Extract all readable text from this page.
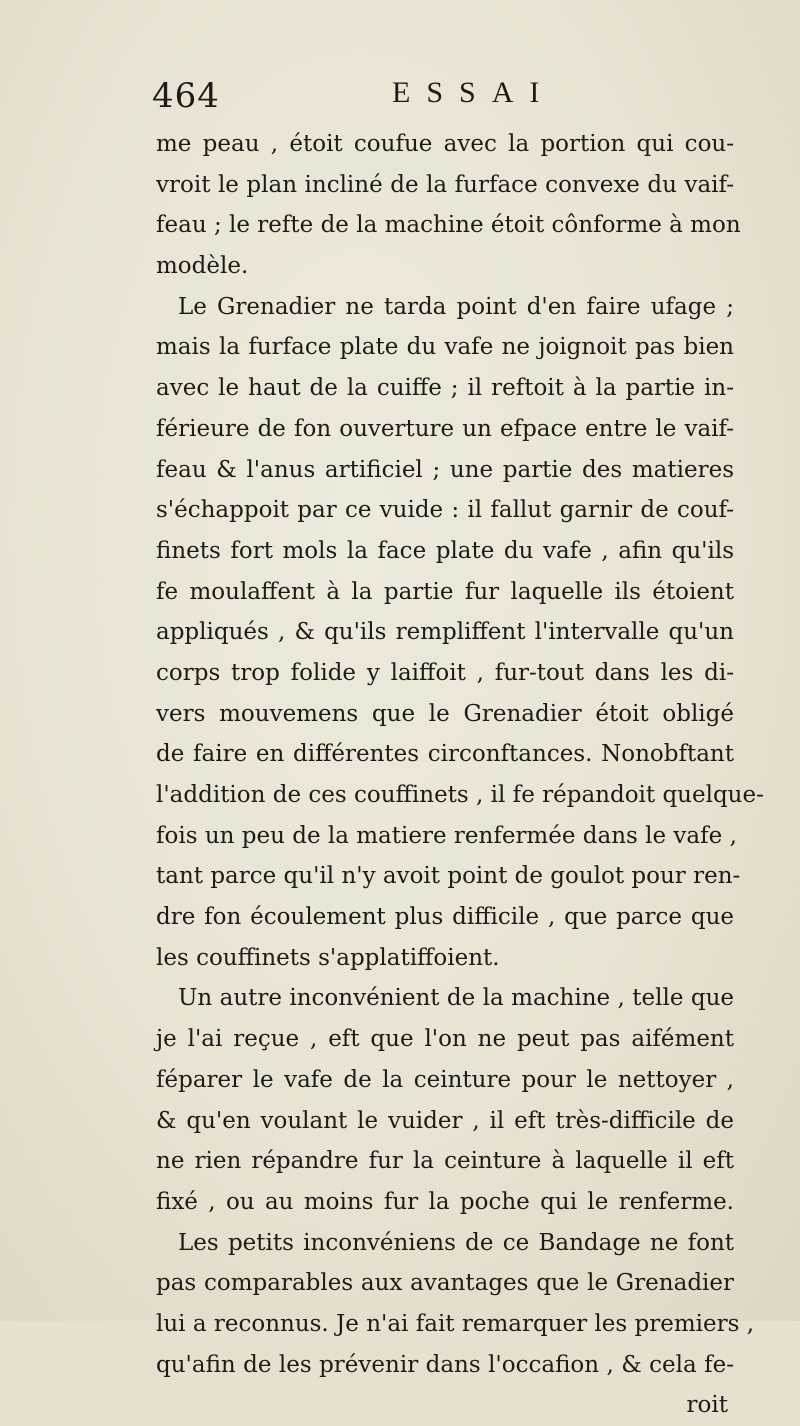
464	ESSAI
me peau , étoit coufue avec la portion qui cou-
vroit le plan incliné de la furface convexe du vaif-
feau ; le refte de la machine étoit cônforme à mon
modèle.
Le Grenadier ne tarda point d'en faire ufage ;
mais la furface plate du vafe ne joignoit pas bien
avec le haut de la cuiffe ; il reftoit à la partie in-
férieure de fon ouverture un efpace entre le vaif-
feau & l'anus artificiel ; une partie des matieres
s'échappoit par ce vuide : il fallut garnir de couf-
finets fort mols la face plate du vafe , afin qu'ils
fe moulaffent à la partie fur laquelle ils étoient
appliqués , & qu'ils rempliffent l'intervalle qu'un
corps trop folide y laiffoit , fur-tout dans les di-
vers mouvemens que le Grenadier étoit obligé
de faire en différentes circonftances. Nonobftant
l'addition de ces couffinets , il fe répandoit quelque-
fois un peu de la matiere renfermée dans le vafe ,
tant parce qu'il n'y avoit point de goulot pour ren-
dre fon écoulement plus difficile , que parce que
les couffinets s'applatiffoient.
Un autre inconvénient de la machine , telle que
je l'ai reçue , eft que l'on ne peut pas aifément
féparer le vafe de la ceinture pour le nettoyer ,
& qu'en voulant le vuider , il eft très-difficile de
ne rien répandre fur la ceinture à laquelle il eft
fixé , ou au moins fur la poche qui le renferme.
Les petits inconvéniens de ce Bandage ne font
pas comparables aux avantages que le Grenadier
lui a reconnus. Je n'ai fait remarquer les premiers ,
qu'afin de les prévenir dans l'occafion , & cela fe-
roit
